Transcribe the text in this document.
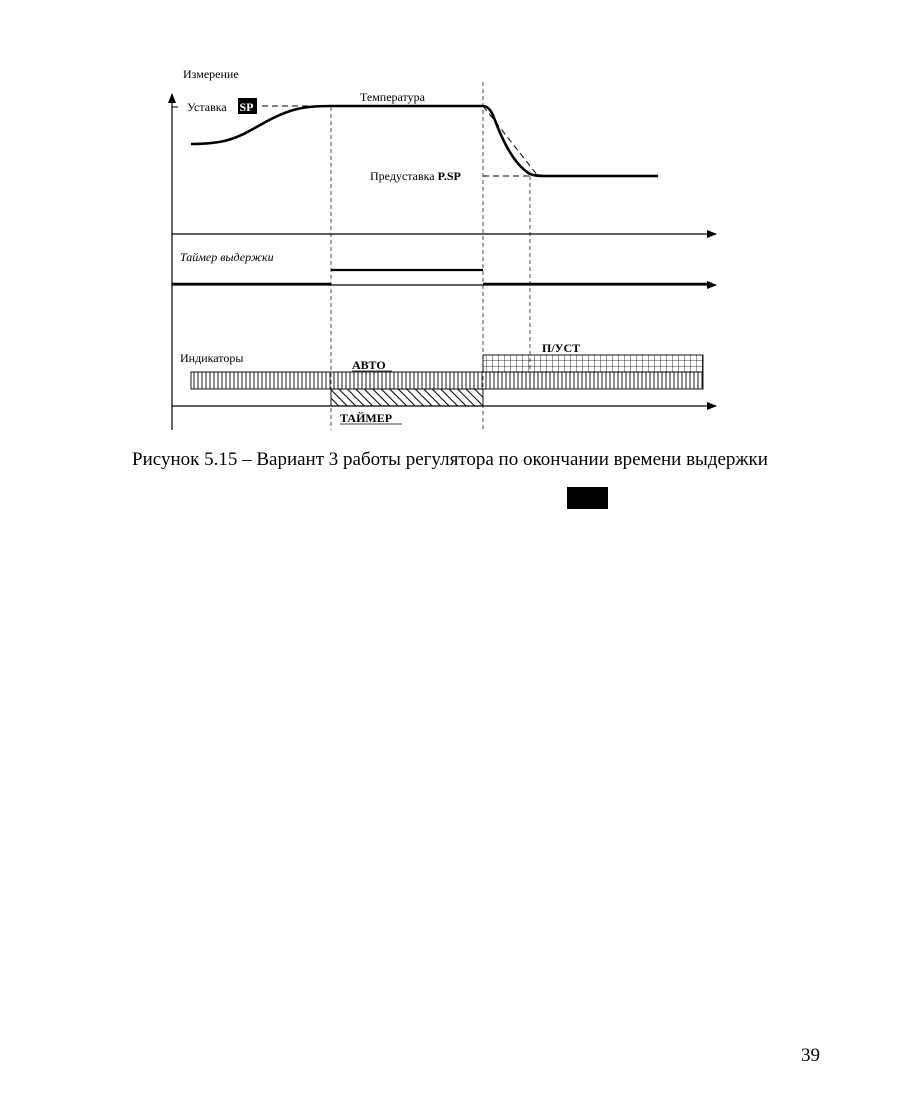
Измерение
Уставка SP
Температура
Предуставка P.SP
Таймер выдержки
Индикаторы	АВТО
П/УСТ
ТАЙМЕР
Рисунок 5.15 – Вариант 3 работы регулятора по окончании времени выдержки
39
